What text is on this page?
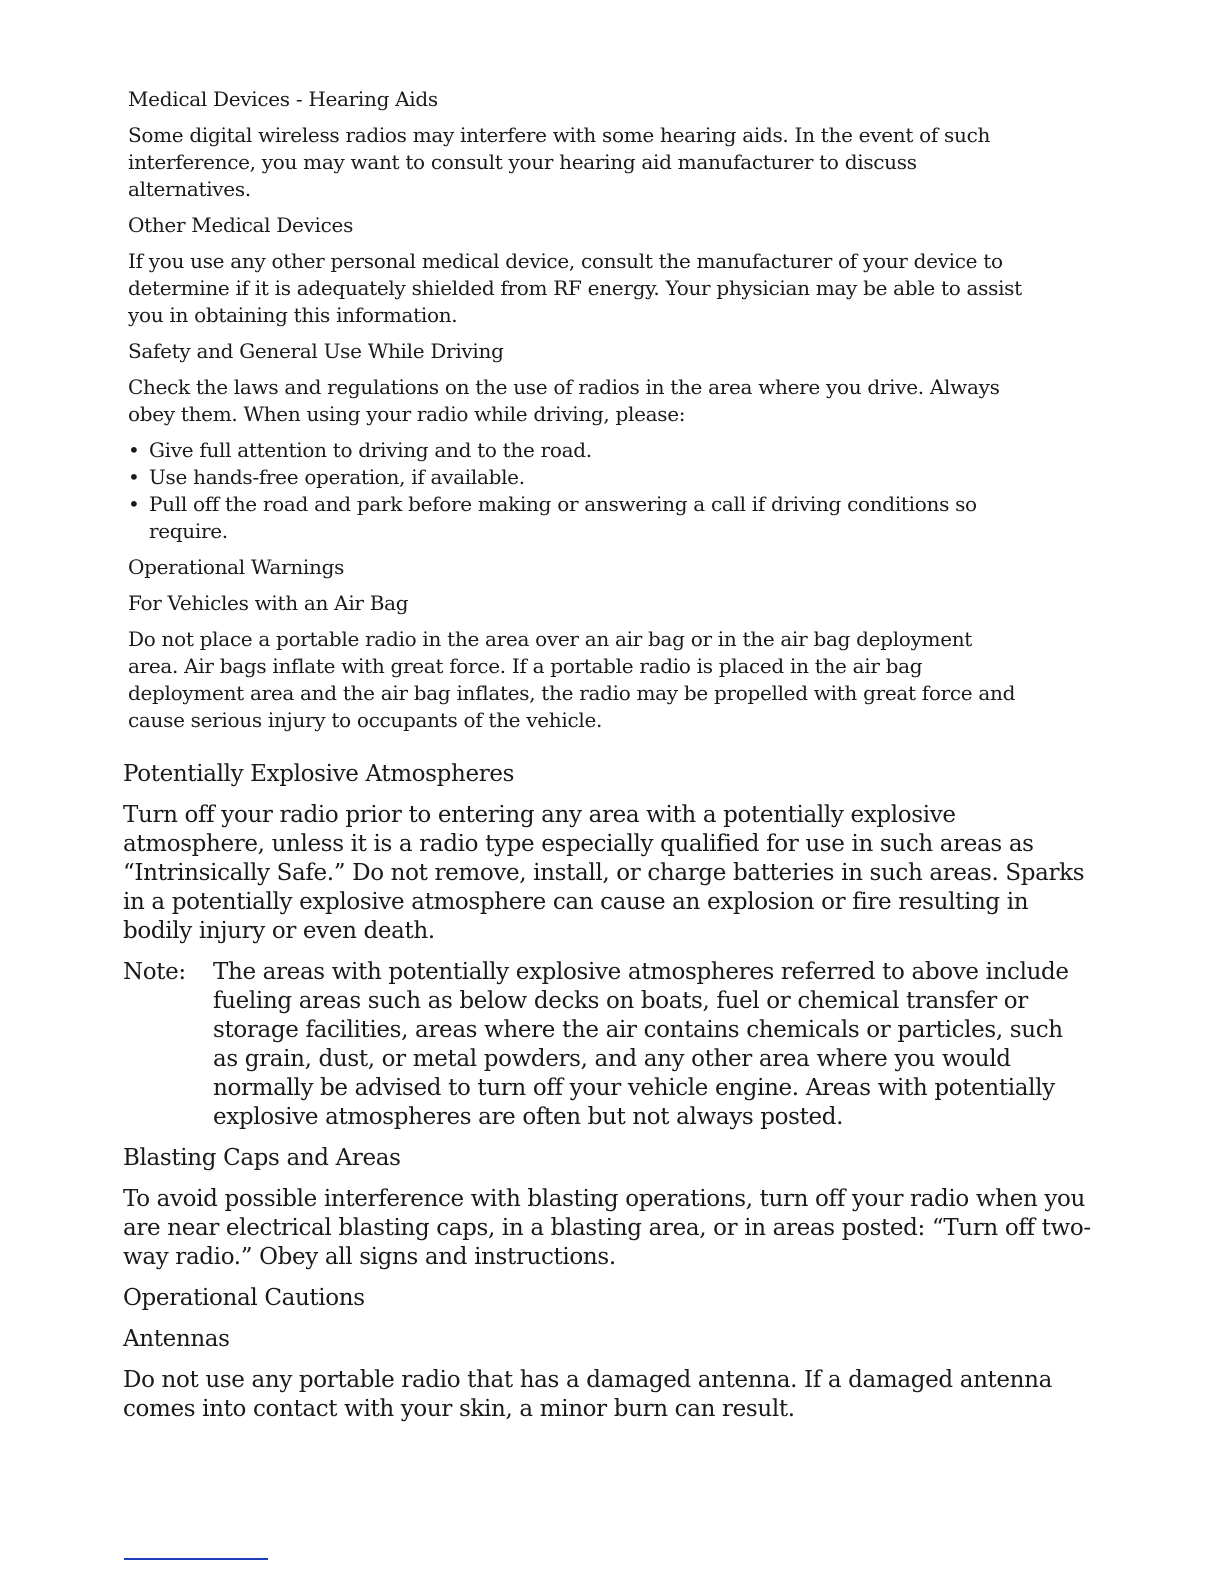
Medical Devices - Hearing Aids
Some digital wireless radios may interfere with some hearing aids. In the event of such interference, you may want to consult your hearing aid manufacturer to discuss alternatives.
Other Medical Devices
If you use any other personal medical device, consult the manufacturer of your device to determine if it is adequately shielded from RF energy. Your physician may be able to assist you in obtaining this information.
Safety and General Use While Driving
Check the laws and regulations on the use of radios in the area where you drive. Always obey them. When using your radio while driving, please:
• Give full attention to driving and to the road.
• Use hands-free operation, if available.
• Pull off the road and park before making or answering a call if driving conditions so require.
Operational Warnings
For Vehicles with an Air Bag
Do not place a portable radio in the area over an air bag or in the air bag deployment area. Air bags inflate with great force. If a portable radio is placed in the air bag deployment area and the air bag inflates, the radio may be propelled with great force and cause serious injury to occupants of the vehicle.
Potentially Explosive Atmospheres
Turn off your radio prior to entering any area with a potentially explosive atmosphere, unless it is a radio type especially qualified for use in such areas as “Intrinsically Safe.” Do not remove, install, or charge batteries in such areas. Sparks in a potentially explosive atmosphere can cause an explosion or fire resulting in bodily injury or even death.
Note:	The areas with potentially explosive atmospheres referred to above include fueling areas such as below decks on boats, fuel or chemical transfer or storage facilities, areas where the air contains chemicals or particles, such as grain, dust, or metal powders, and any other area where you would normally be advised to turn off your vehicle engine. Areas with potentially explosive atmospheres are often but not always posted.
Blasting Caps and Areas
To avoid possible interference with blasting operations, turn off your radio when you are near electrical blasting caps, in a blasting area, or in areas posted: “Turn off two-way radio.” Obey all signs and instructions.
Operational Cautions
Antennas
Do not use any portable radio that has a damaged antenna. If a damaged antenna comes into contact with your skin, a minor burn can result.
